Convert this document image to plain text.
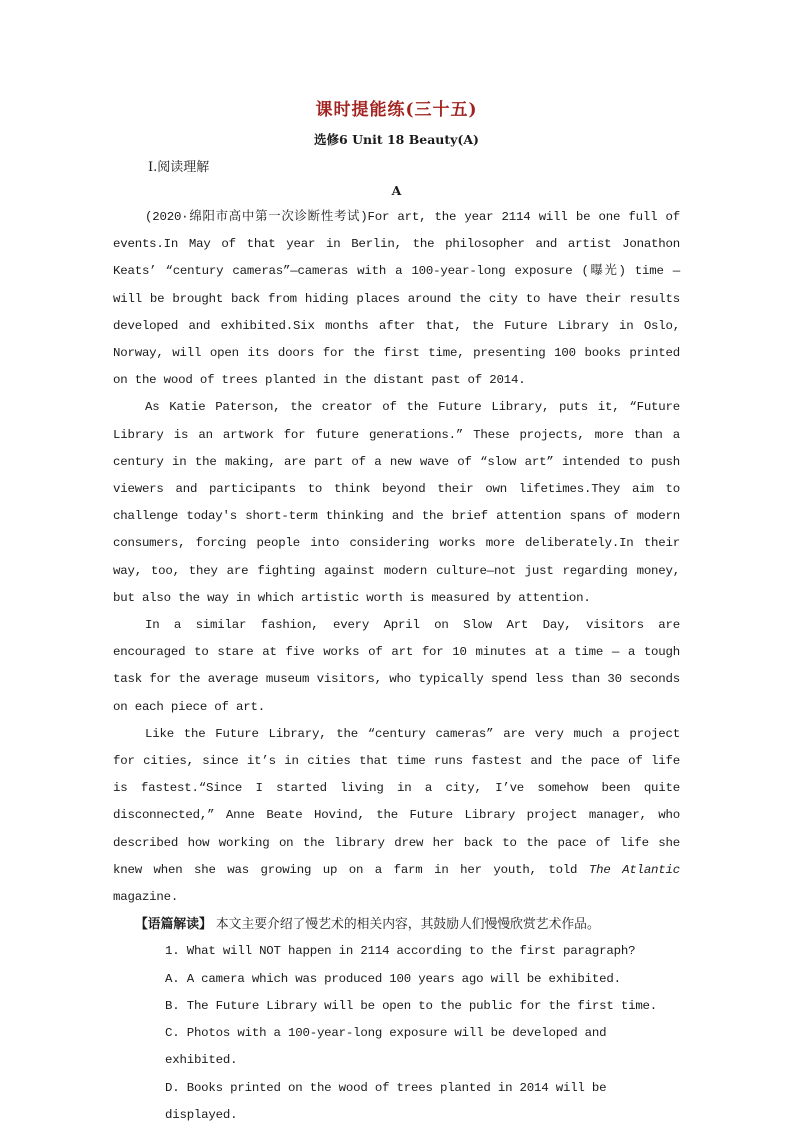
课时提能练(三十五)
选修6 Unit 18 Beauty(A)
Ⅰ.阅读理解
A

(2020·绵阳市高中第一次诊断性考试)For art, the year 2114 will be one full of events.In May of that year in Berlin, the philosopher and artist Jonathon Keats’ “century cameras”—cameras with a 100-year-long exposure (曝光) time — will be brought back from hiding places around the city to have their results developed and exhibited.Six months after that, the Future Library in Oslo, Norway, will open its doors for the first time, presenting 100 books printed on the wood of trees planted in the distant past of 2014.

As Katie Paterson, the creator of the Future Library, puts it, “Future Library is an artwork for future generations.” These projects, more than a century in the making, are part of a new wave of “slow art” intended to push viewers and participants to think beyond their own lifetimes.They aim to challenge today's short-term thinking and the brief attention spans of modern consumers, forcing people into considering works more deliberately.In their way, too, they are fighting against modern culture—not just regarding money, but also the way in which artistic worth is measured by attention.

In a similar fashion, every April on Slow Art Day, visitors are encouraged to stare at five works of art for 10 minutes at a time — a tough task for the average museum visitors, who typically spend less than 30 seconds on each piece of art.

Like the Future Library, the “century cameras” are very much a project for cities, since it’s in cities that time runs fastest and the pace of life is fastest.“Since I started living in a city, I’ve somehow been quite disconnected,” Anne Beate Hovind, the Future Library project manager, who described how working on the library drew her back to the pace of life she knew when she was growing up on a farm in her youth, told The Atlantic magazine.

【语篇解读】 本文主要介绍了慢艺术的相关内容，其鼓励人们慢慢欣赏艺术作品。

1. What will NOT happen in 2114 according to the first paragraph?

A. A camera which was produced 100 years ago will be exhibited.

B. The Future Library will be open to the public for the first time.

C. Photos with a 100-year-long exposure will be developed and exhibited.

D. Books printed on the wood of trees planted in 2014 will be displayed.
